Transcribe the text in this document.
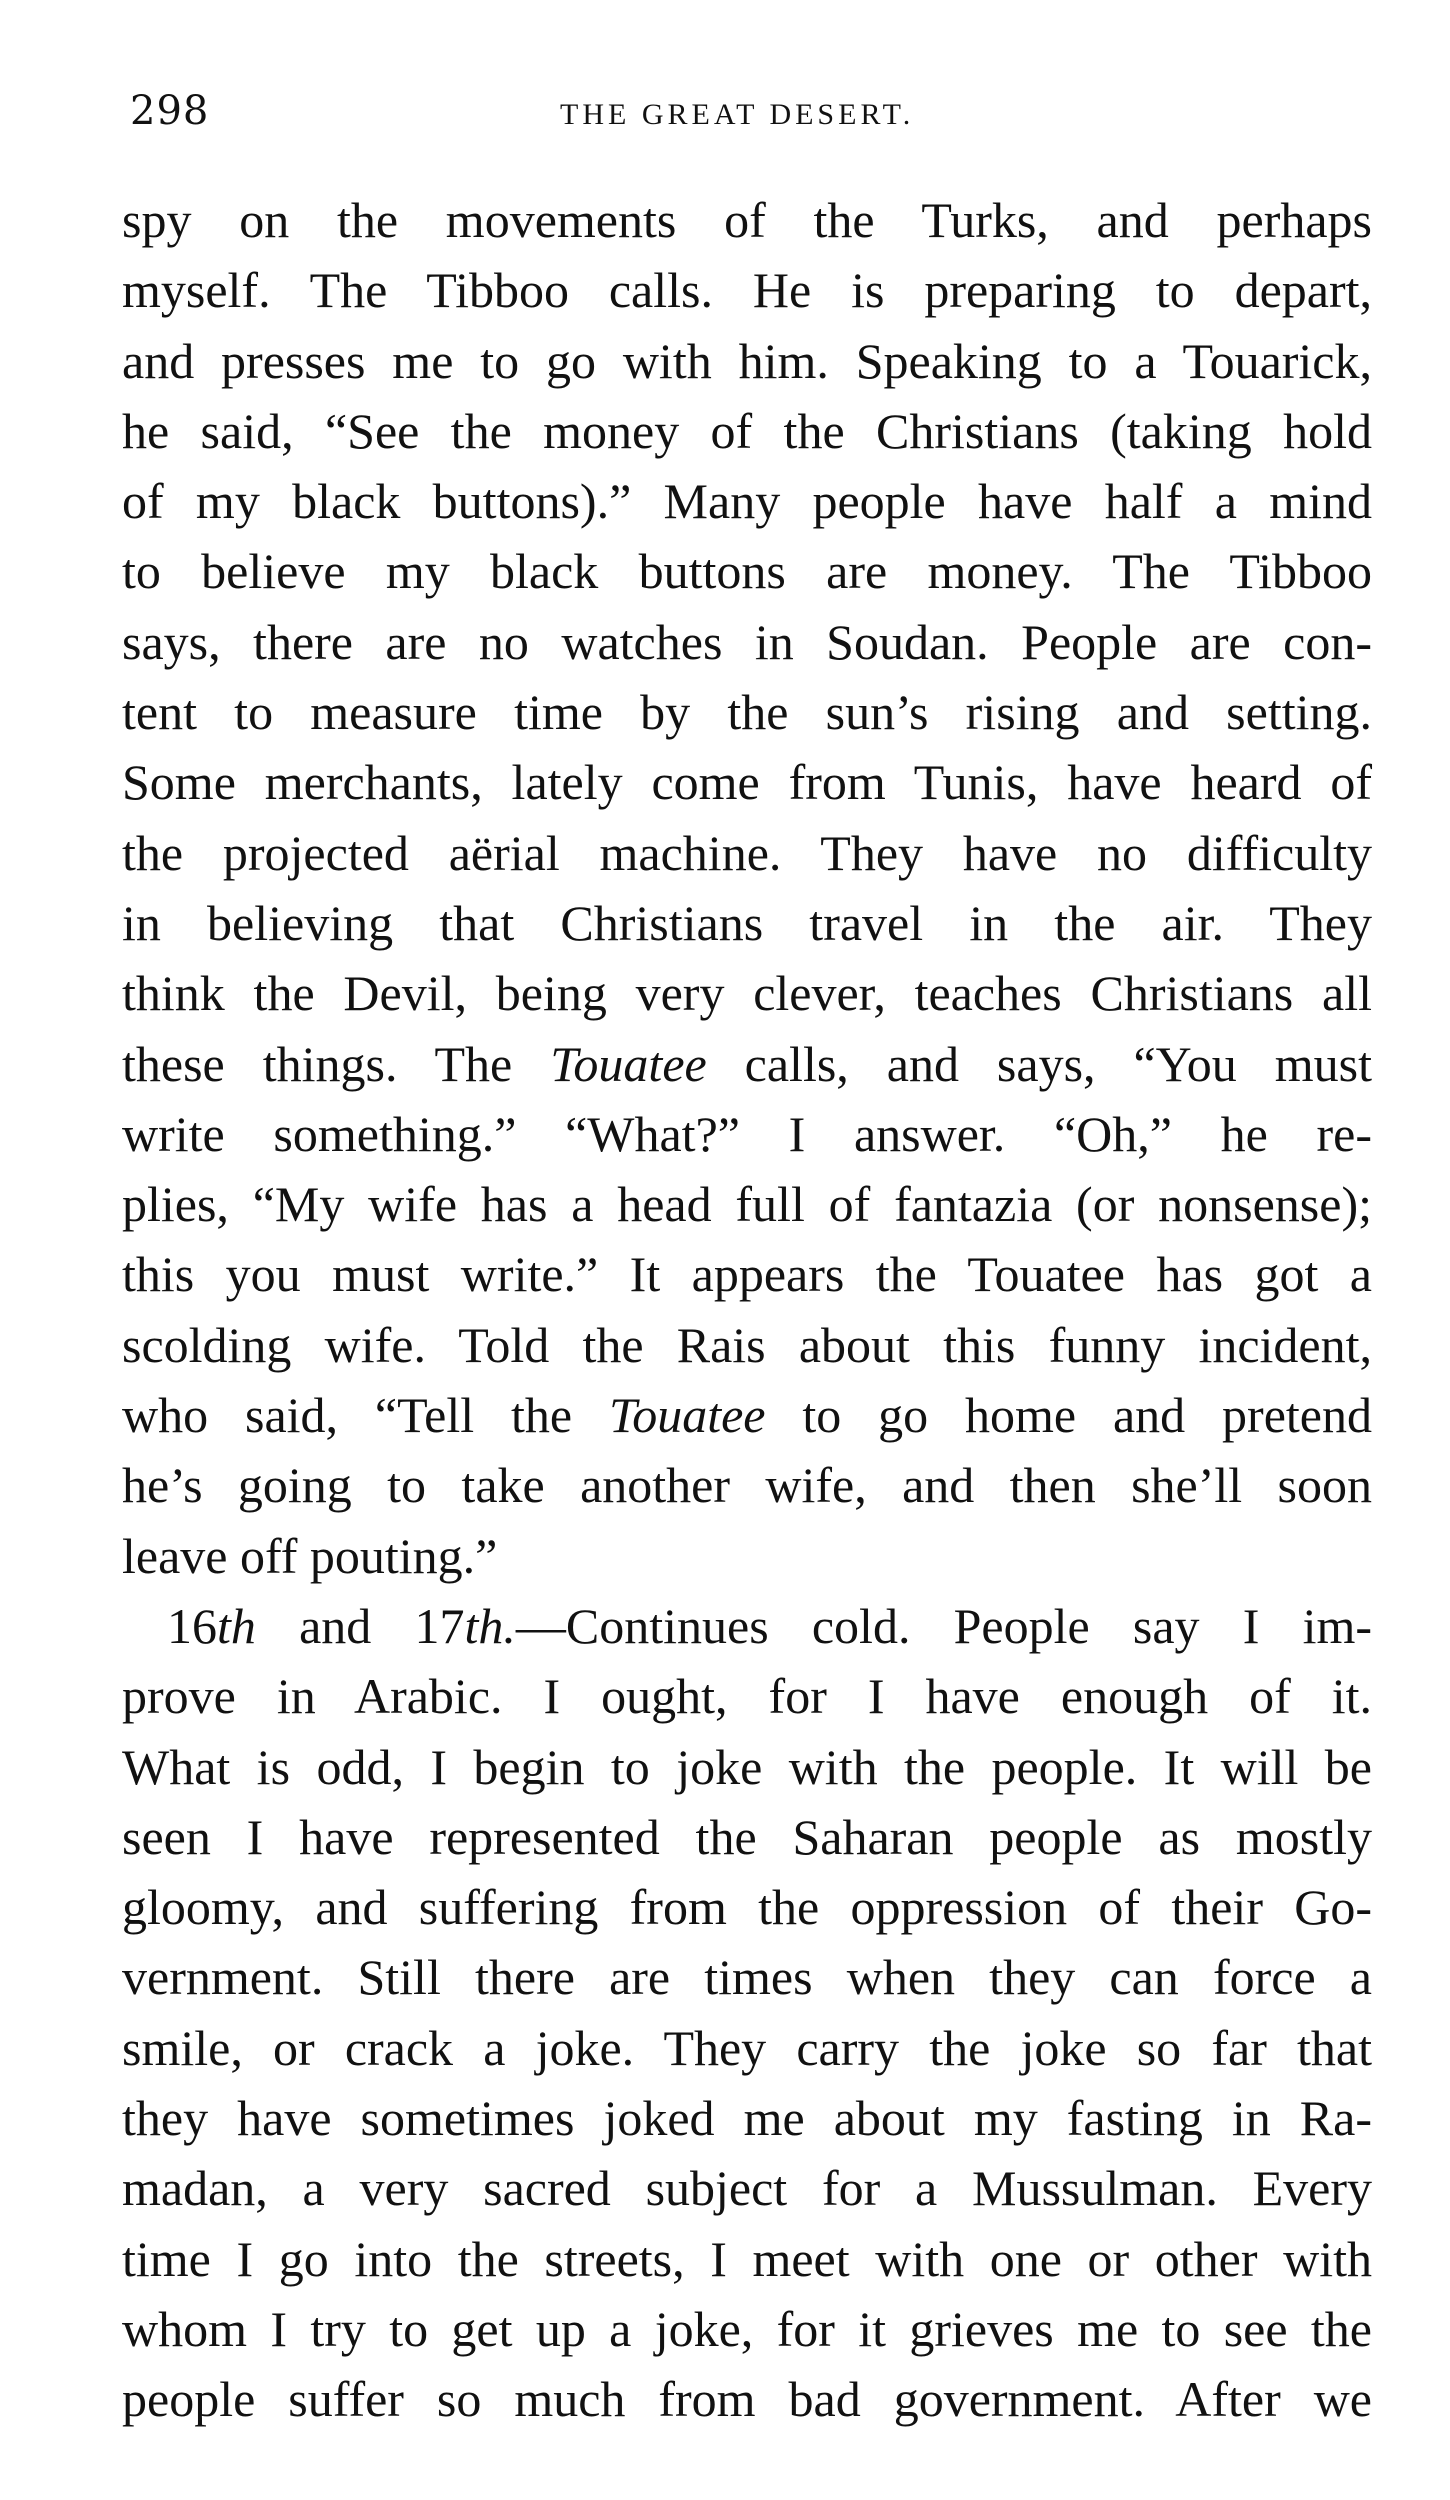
298	THE GREAT DESERT.
spy on the movements of the Turks, and perhaps
myself. The Tibboo calls. He is preparing to depart,
and presses me to go with him. Speaking to a Touarick,
he said, “See the money of the Christians (taking hold
of my black buttons).” Many people have half a mind
to believe my black buttons are money. The Tibboo
says, there are no watches in Soudan. People are con-
tent to measure time by the sun’s rising and setting.
Some merchants, lately come from Tunis, have heard of
the projected aërial machine. They have no difficulty
in believing that Christians travel in the air. They
think the Devil, being very clever, teaches Christians all
these things. The Touatee calls, and says, “You must
write something.” “What?” I answer. “Oh,” he re-
plies, “My wife has a head full of fantazia (or nonsense);
this you must write.” It appears the Touatee has got a
scolding wife. Told the Rais about this funny incident,
who said, “Tell the Touatee to go home and pretend
he’s going to take another wife, and then she’ll soon
leave off pouting.”
16th and 17th.—Continues cold. People say I im-
prove in Arabic. I ought, for I have enough of it.
What is odd, I begin to joke with the people. It will be
seen I have represented the Saharan people as mostly
gloomy, and suffering from the oppression of their Go-
vernment. Still there are times when they can force a
smile, or crack a joke. They carry the joke so far that
they have sometimes joked me about my fasting in Ra-
madan, a very sacred subject for a Mussulman. Every
time I go into the streets, I meet with one or other with
whom I try to get up a joke, for it grieves me to see the
people suffer so much from bad government. After we
